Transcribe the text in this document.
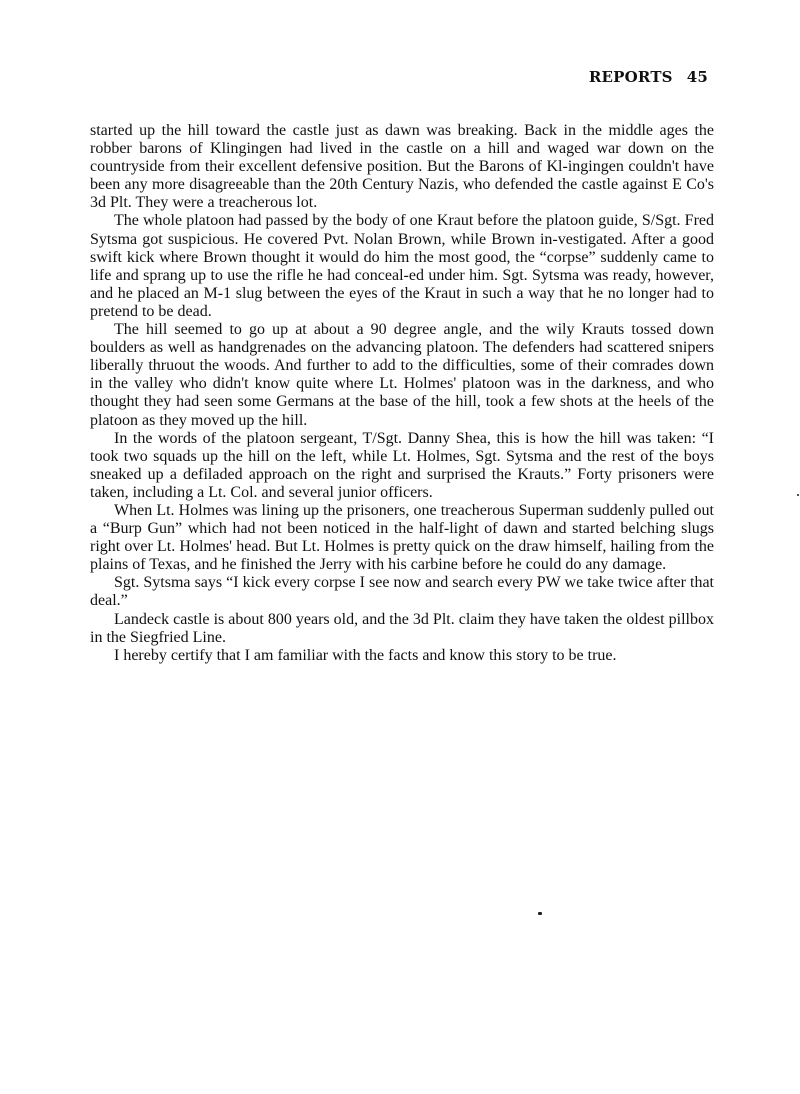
REPORTS 45

started up the hill toward the castle just as dawn was breaking. Back in the middle ages the robber barons of Klingingen had lived in the castle on a hill and waged war down on the countryside from their excellent defensive position. But the Barons of Kl-ingingen couldn't have been any more disagreeable than the 20th Century Nazis, who defended the castle against E Co's 3d Plt. They were a treacherous lot.

The whole platoon had passed by the body of one Kraut before the platoon guide, S/Sgt. Fred Sytsma got suspicious. He covered Pvt. Nolan Brown, while Brown in-vestigated. After a good swift kick where Brown thought it would do him the most good, the “corpse” suddenly came to life and sprang up to use the rifle he had conceal-ed under him. Sgt. Sytsma was ready, however, and he placed an M-1 slug between the eyes of the Kraut in such a way that he no longer had to pretend to be dead.

The hill seemed to go up at about a 90 degree angle, and the wily Krauts tossed down boulders as well as handgrenades on the advancing platoon. The defenders had scattered snipers liberally thruout the woods. And further to add to the difficulties, some of their comrades down in the valley who didn't know quite where Lt. Holmes' platoon was in the darkness, and who thought they had seen some Germans at the base of the hill, took a few shots at the heels of the platoon as they moved up the hill.

In the words of the platoon sergeant, T/Sgt. Danny Shea, this is how the hill was taken: “I took two squads up the hill on the left, while Lt. Holmes, Sgt. Sytsma and the rest of the boys sneaked up a defiladed approach on the right and surprised the Krauts.” Forty prisoners were taken, including a Lt. Col. and several junior officers.

When Lt. Holmes was lining up the prisoners, one treacherous Superman suddenly pulled out a “Burp Gun” which had not been noticed in the half-light of dawn and started belching slugs right over Lt. Holmes' head. But Lt. Holmes is pretty quick on the draw himself, hailing from the plains of Texas, and he finished the Jerry with his carbine before he could do any damage.

Sgt. Sytsma says “I kick every corpse I see now and search every PW we take twice after that deal.”

Landeck castle is about 800 years old, and the 3d Plt. claim they have taken the oldest pillbox in the Siegfried Line.

I hereby certify that I am familiar with the facts and know this story to be true.
